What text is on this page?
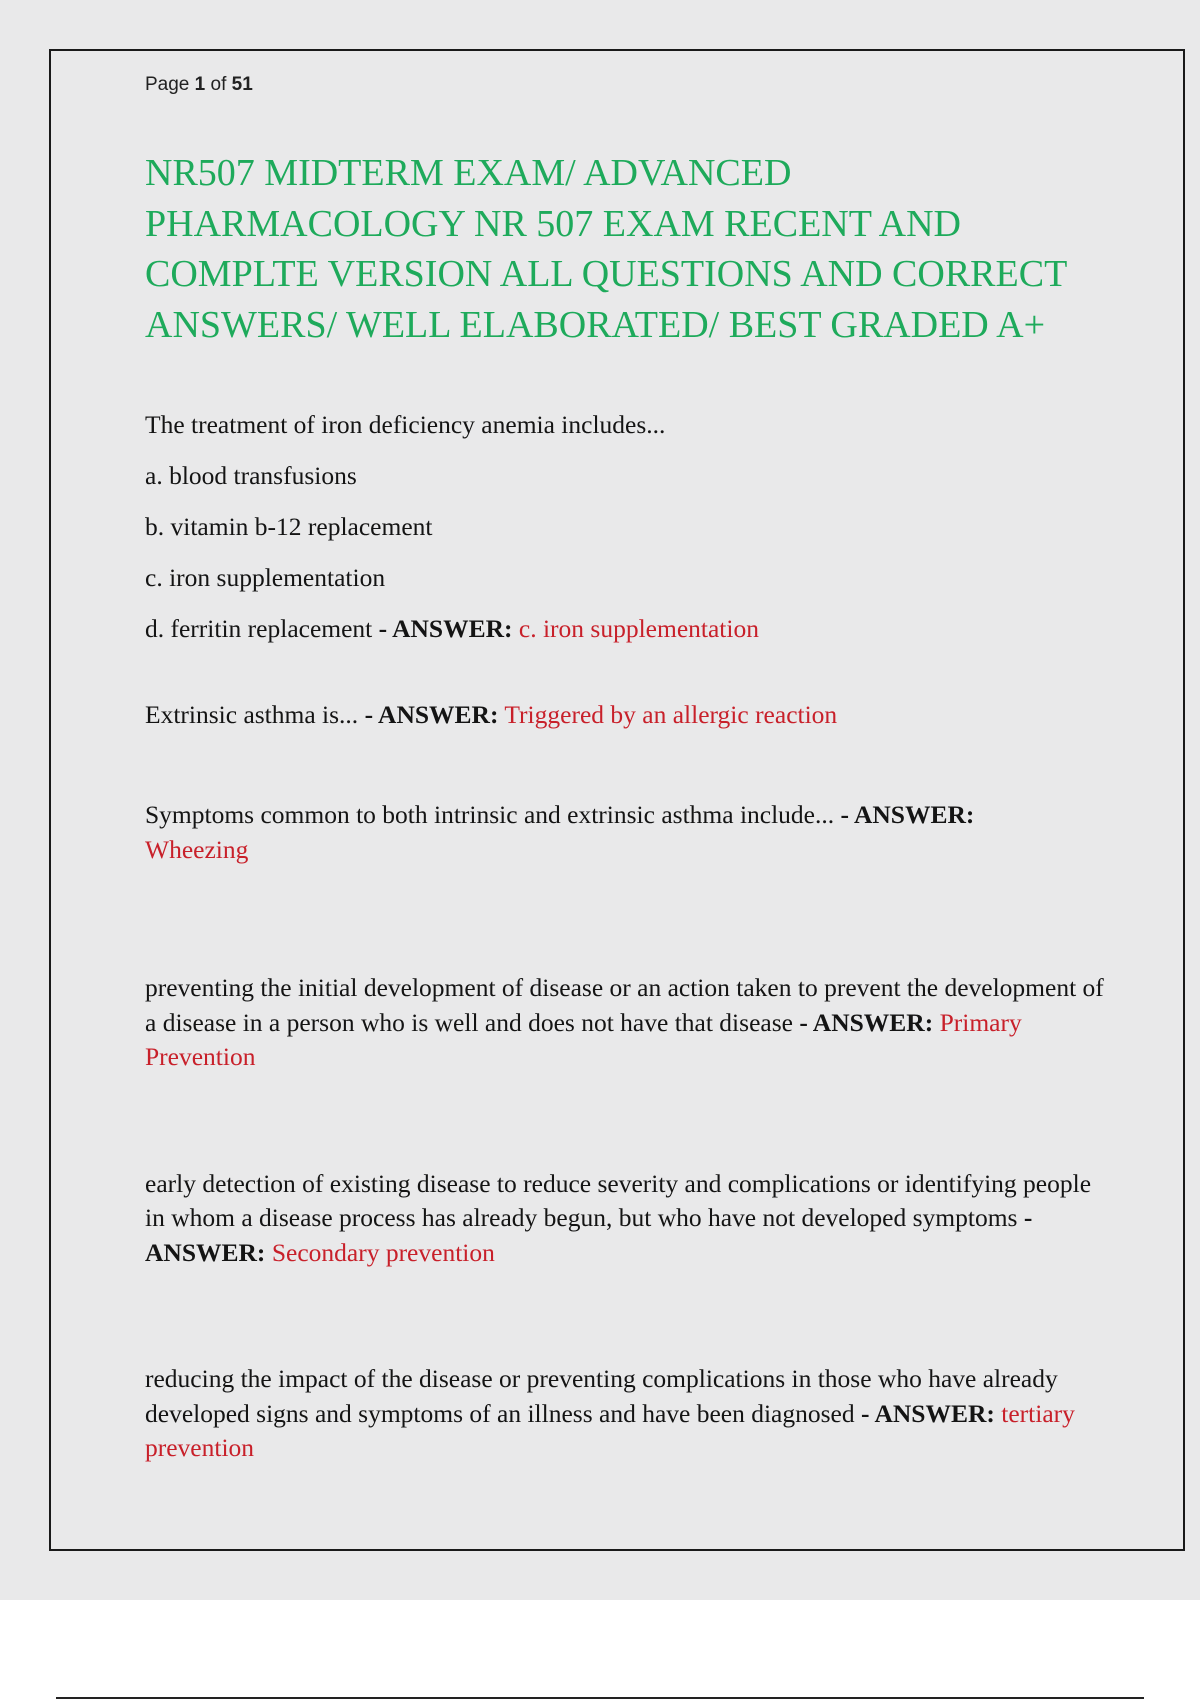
Page 1 of 51
NR507 MIDTERM EXAM/ ADVANCED PHARMACOLOGY NR 507 EXAM RECENT AND COMPLTE VERSION ALL QUESTIONS AND CORRECT ANSWERS/ WELL ELABORATED/ BEST GRADED A+

The treatment of iron deficiency anemia includes...

a. blood transfusions

b. vitamin b-12 replacement

c. iron supplementation

d. ferritin replacement - ANSWER: c. iron supplementation

Extrinsic asthma is... - ANSWER: Triggered by an allergic reaction

Symptoms common to both intrinsic and extrinsic asthma include... - ANSWER:
Wheezing

preventing the initial development of disease or an action taken to prevent the development of a disease in a person who is well and does not have that disease - ANSWER: Primary Prevention

early detection of existing disease to reduce severity and complications or identifying people in whom a disease process has already begun, but who have not developed symptoms - ANSWER: Secondary prevention

reducing the impact of the disease or preventing complications in those who have already developed signs and symptoms of an illness and have been diagnosed - ANSWER: tertiary prevention
